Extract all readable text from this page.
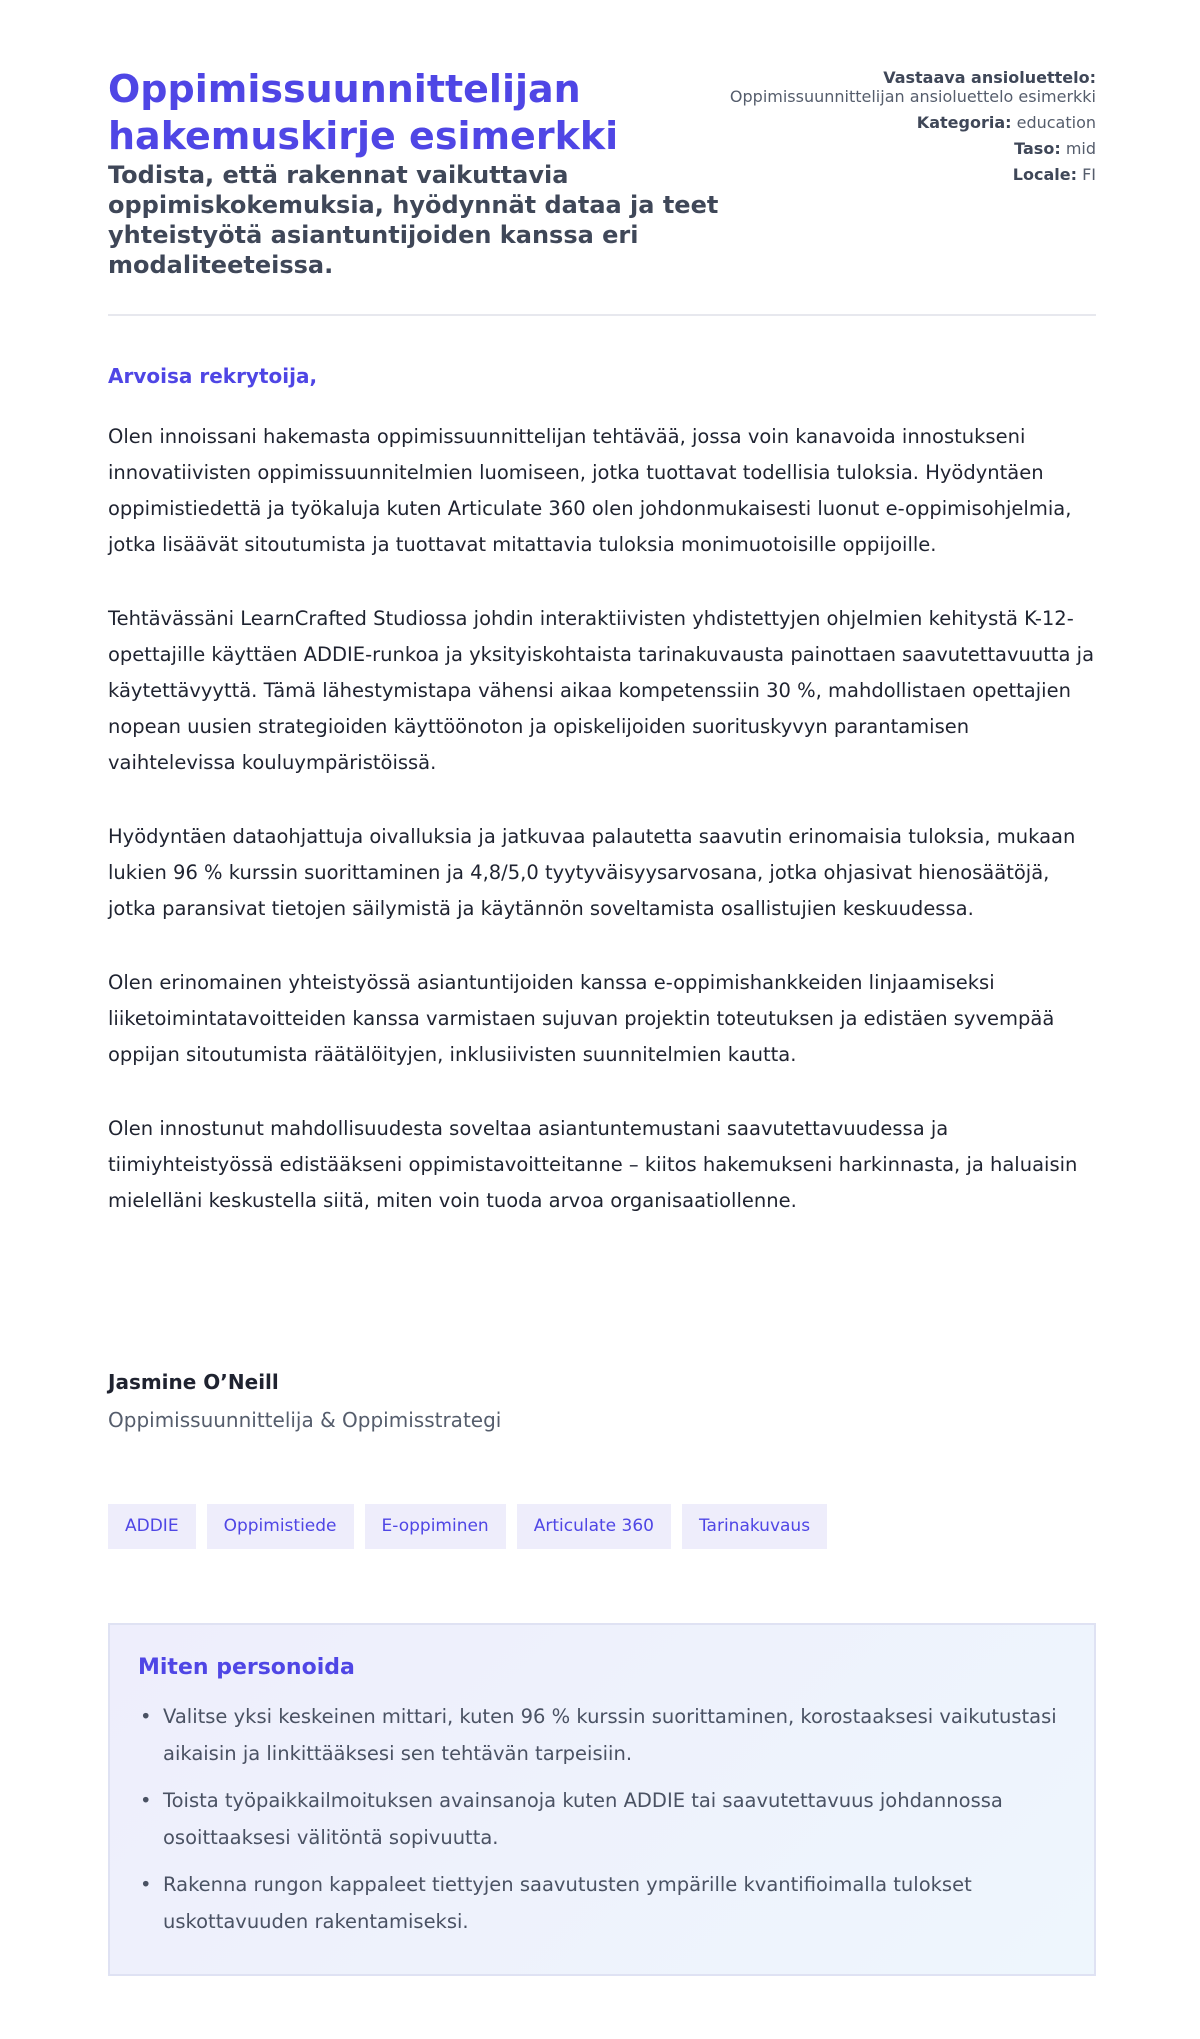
Oppimissuunnittelijan hakemuskirje esimerkki
Todista, että rakennat vaikuttavia oppimiskokemuksia, hyödynnät dataa ja teet yhteistyötä asiantuntijoiden kanssa eri modaliteeteissa.
Vastaava ansioluettelo:
Oppimissuunnittelijan ansioluettelo esimerkki
Kategoria: education
Taso: mid
Locale: FI
Arvoisa rekrytoija,

Olen innoissani hakemasta oppimissuunnittelijan tehtävää, jossa voin kanavoida innostukseni innovatiivisten oppimissuunnitelmien luomiseen, jotka tuottavat todellisia tuloksia. Hyödyntäen oppimistiedettä ja työkaluja kuten Articulate 360 olen johdonmukaisesti luonut e-oppimisohjelmia, jotka lisäävät sitoutumista ja tuottavat mitattavia tuloksia monimuotoisille oppijoille.

Tehtävässäni LearnCrafted Studiossa johdin interaktiivisten yhdistettyjen ohjelmien kehitystä K-12-opettajille käyttäen ADDIE-runkoa ja yksityiskohtaista tarinakuvausta painottaen saavutettavuutta ja käytettävyyttä. Tämä lähestymistapa vähensi aikaa kompetenssiin 30 %, mahdollistaen opettajien nopean uusien strategioiden käyttöönoton ja opiskelijoiden suorituskyvyn parantamisen vaihtelevissa kouluympäristöissä.

Hyödyntäen dataohjattuja oivalluksia ja jatkuvaa palautetta saavutin erinomaisia tuloksia, mukaan lukien 96 % kurssin suorittaminen ja 4,8/5,0 tyytyväisyysarvosana, jotka ohjasivat hienosäätöjä, jotka paransivat tietojen säilymistä ja käytännön soveltamista osallistujien keskuudessa.

Olen erinomainen yhteistyössä asiantuntijoiden kanssa e-oppimishankkeiden linjaamiseksi liiketoimintatavoitteiden kanssa varmistaen sujuvan projektin toteutuksen ja edistäen syvempää oppijan sitoutumista räätälöityjen, inklusiivisten suunnitelmien kautta.

Olen innostunut mahdollisuudesta soveltaa asiantuntemustani saavutettavuudessa ja tiimiyhteistyössä edistääkseni oppimistavoitteitanne – kiitos hakemukseni harkinnasta, ja haluaisin mielelläni keskustella siitä, miten voin tuoda arvoa organisaatiollenne.

Jasmine O’Neill
Oppimissuunnittelija & Oppimisstrategi
ADDIE	Oppimistiede	E-oppiminen	Articulate 360	Tarinakuvaus
Miten personoida
• Valitse yksi keskeinen mittari, kuten 96 % kurssin suorittaminen, korostaaksesi vaikutustasi aikaisin ja linkittääksesi sen tehtävän tarpeisiin.
• Toista työpaikkailmoituksen avainsanoja kuten ADDIE tai saavutettavuus johdannossa osoittaaksesi välitöntä sopivuutta.
• Rakenna rungon kappaleet tiettyjen saavutusten ympärille kvantifioimalla tulokset uskottavuuden rakentamiseksi.
